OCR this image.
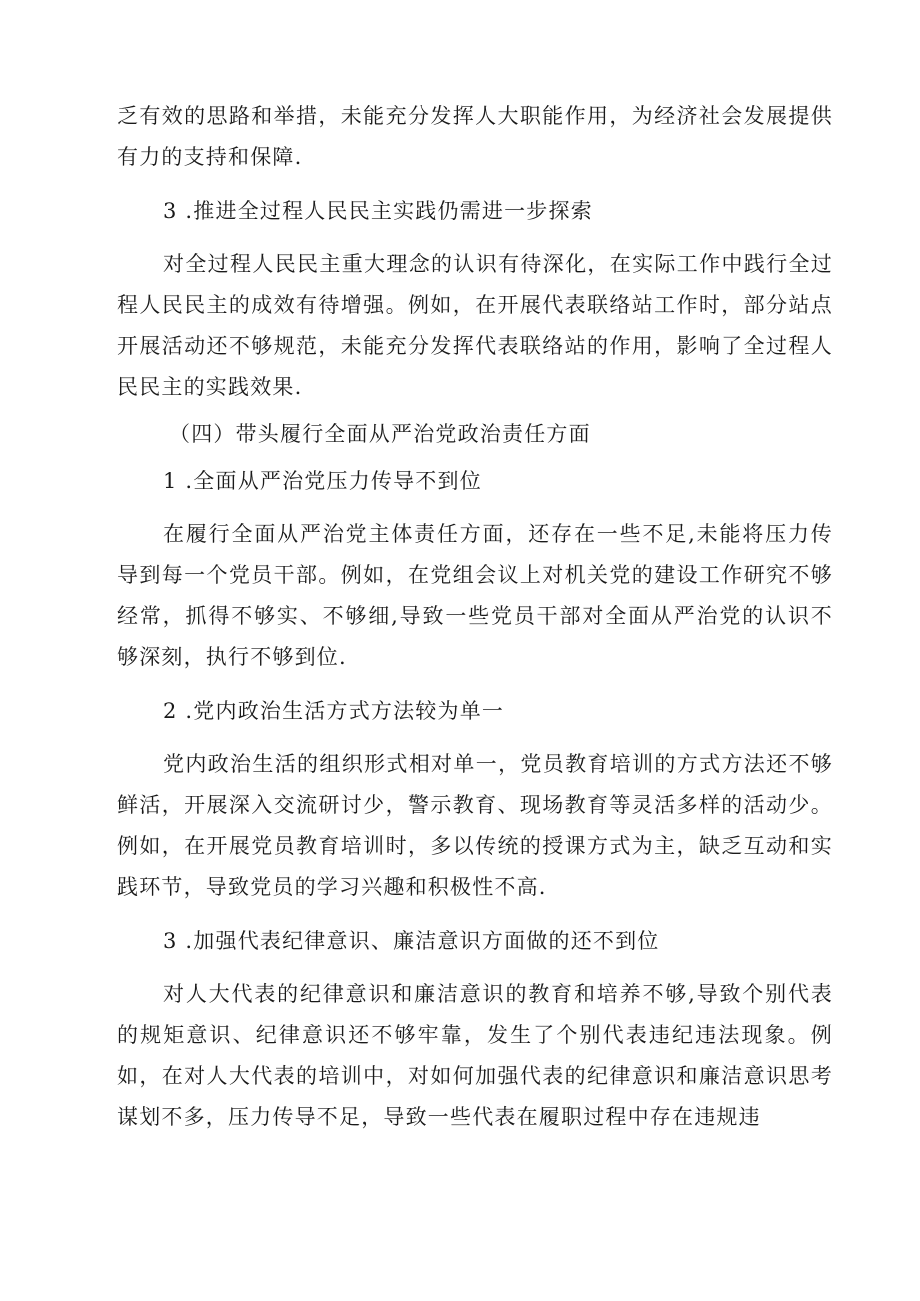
乏有效的思路和举措，未能充分发挥人大职能作用，为经济社会发展提供有力的支持和保障.

3 .推进全过程人民民主实践仍需进一步探索

对全过程人民民主重大理念的认识有待深化，在实际工作中践行全过程人民民主的成效有待增强。例如，在开展代表联络站工作时，部分站点开展活动还不够规范，未能充分发挥代表联络站的作用，影响了全过程人民民主的实践效果.

（四）带头履行全面从严治党政治责任方面

1 .全面从严治党压力传导不到位

在履行全面从严治党主体责任方面，还存在一些不足,未能将压力传导到每一个党员干部。例如，在党组会议上对机关党的建设工作研究不够经常，抓得不够实、不够细,导致一些党员干部对全面从严治党的认识不够深刻，执行不够到位.

2 .党内政治生活方式方法较为单一

党内政治生活的组织形式相对单一，党员教育培训的方式方法还不够鲜活，开展深入交流研讨少，警示教育、现场教育等灵活多样的活动少。例如，在开展党员教育培训时，多以传统的授课方式为主，缺乏互动和实践环节，导致党员的学习兴趣和积极性不高.

3 .加强代表纪律意识、廉洁意识方面做的还不到位

对人大代表的纪律意识和廉洁意识的教育和培养不够,导致个别代表的规矩意识、纪律意识还不够牢靠，发生了个别代表违纪违法现象。例如，在对人大代表的培训中，对如何加强代表的纪律意识和廉洁意识思考谋划不多，压力传导不足，导致一些代表在履职过程中存在违规违
